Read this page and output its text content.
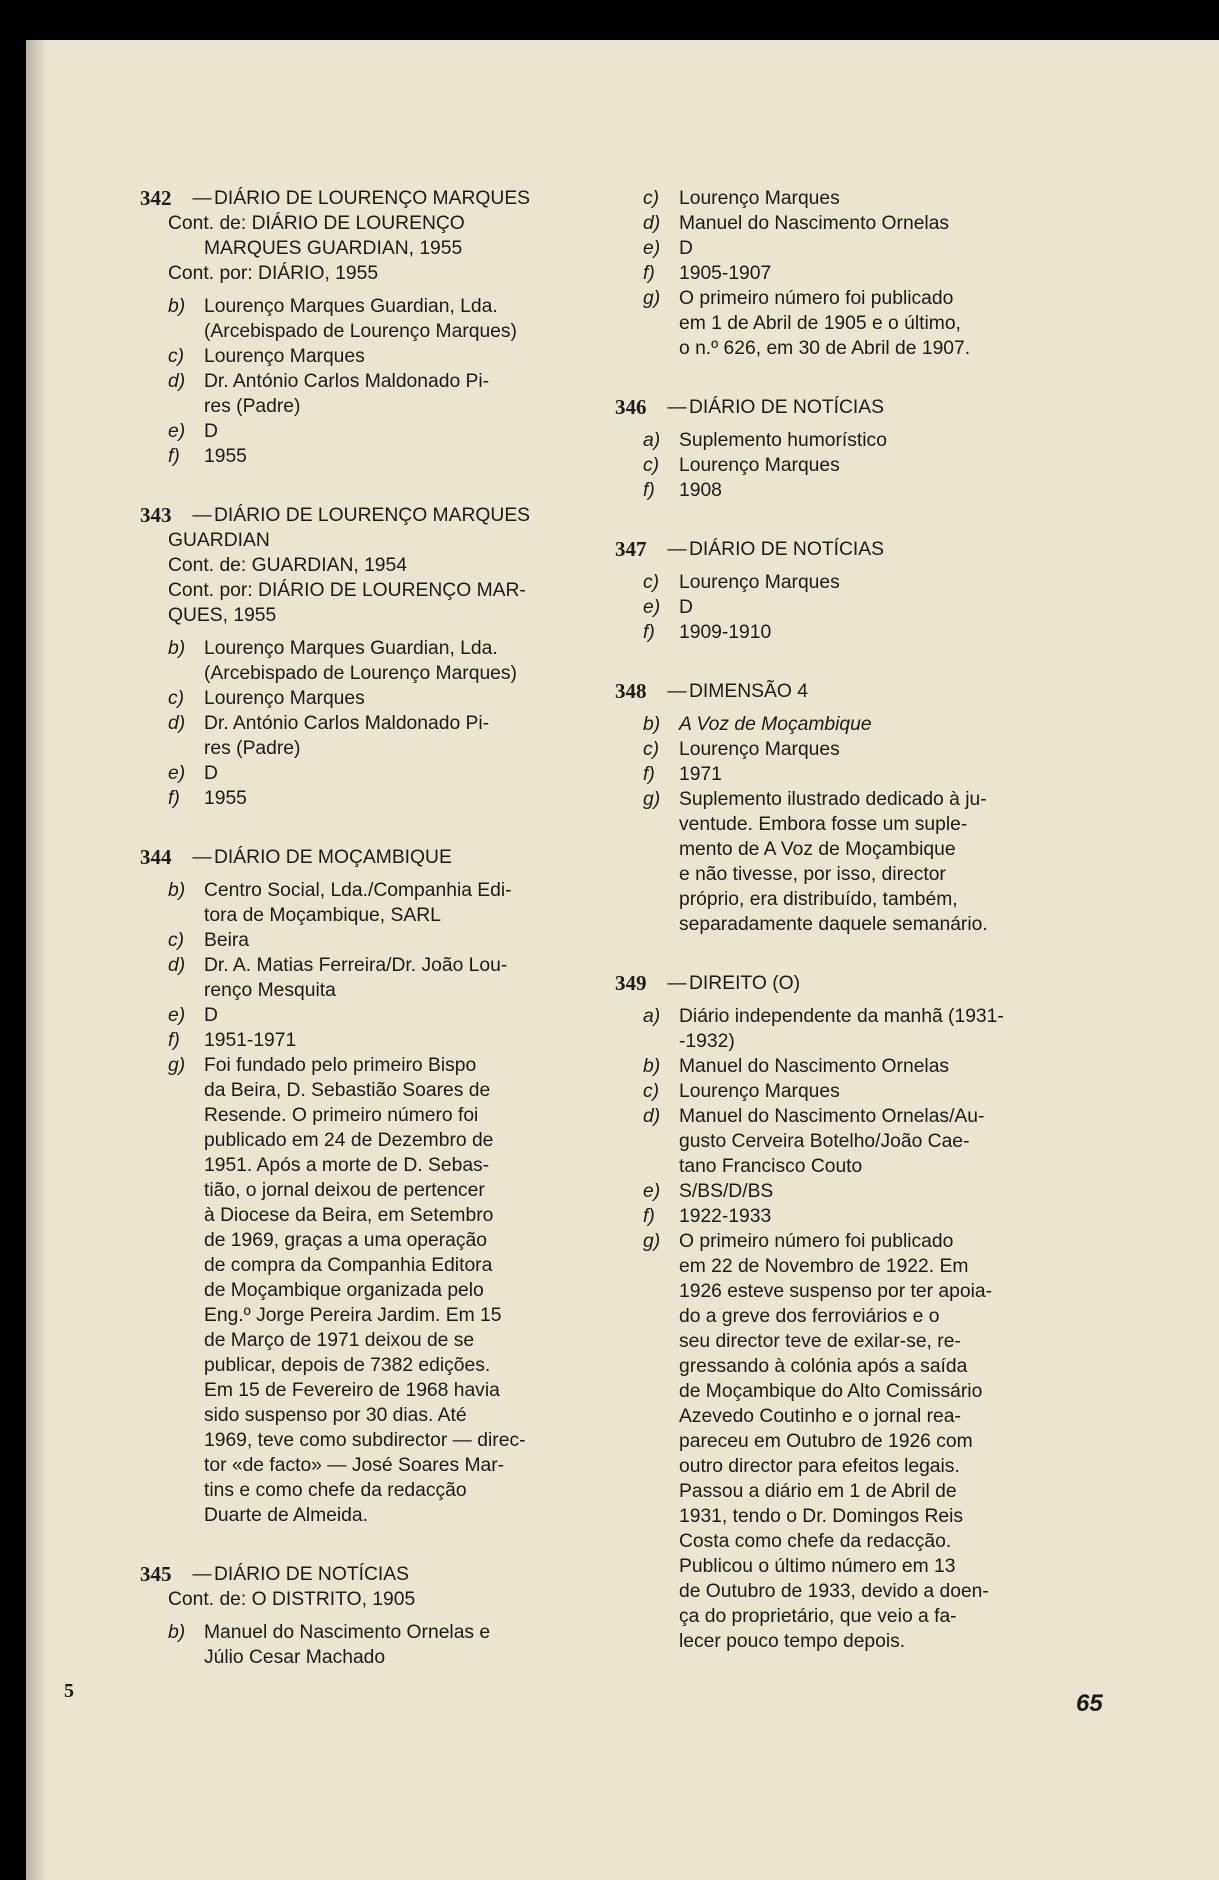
342	— DIÁRIO DE LOURENÇO MARQUES
Cont. de: DIÁRIO DE LOURENÇO
MARQUES GUARDIAN, 1955
Cont. por: DIÁRIO, 1955
b) Lourenço Marques Guardian, Lda.
(Arcebispado de Lourenço Marques)
c)	Lourenço Marques
d) Dr. António Carlos Maldonado Pi-
res (Padre)
e) D
f)	1955
343	— DIÁRIO DE LOURENÇO MARQUES
GUARDIAN
Cont. de: GUARDIAN, 1954
Cont. por: DIÁRIO DE LOURENÇO MAR-
QUES, 1955
b) Lourenço Marques Guardian, Lda.
(Arcebispado de Lourenço Marques)
c)	Lourenço Marques
d) Dr. António Carlos Maldonado Pi-
res (Padre)
e) D
f)	1955
344	— DIÁRIO DE MOÇAMBIQUE
b) Centro Social, Lda./Companhia Edi-
tora de Moçambique, SARL
c)	Beira
d) Dr. A. Matias Ferreira/Dr. João Lou-
renço Mesquita
e) D
f)	1951-1971
g) Foi fundado pelo primeiro Bispo
da Beira, D. Sebastião Soares de
Resende. O primeiro número foi
publicado em 24 de Dezembro de
1951. Após a morte de D. Sebas-
tião, o jornal deixou de pertencer
à Diocese da Beira, em Setembro
de 1969, graças a uma operação
de compra da Companhia Editora
de Moçambique organizada pelo
Eng.º Jorge Pereira Jardim. Em 15
de Março de 1971 deixou de se
publicar, depois de 7382 edições.
Em 15 de Fevereiro de 1968 havia
sido suspenso por 30 dias. Até
1969, teve como subdirector — direc-
tor «de facto» — José Soares Mar-
tins e como chefe da redacção
Duarte de Almeida.
345	— DIÁRIO DE NOTÍCIAS
Cont. de: O DISTRITO, 1905
b) Manuel do Nascimento Ornelas e
Júlio Cesar Machado
c)	Lourenço Marques
d) Manuel do Nascimento Ornelas
e) D
f)	1905-1907
g) O primeiro número foi publicado
em 1 de Abril de 1905 e o último,
o n.º 626, em 30 de Abril de 1907.
346	— DIÁRIO DE NOTÍCIAS
a) Suplemento humorístico
c)	Lourenço Marques
f)	1908
347	— DIÁRIO DE NOTÍCIAS
c)	Lourenço Marques
e) D
f)	1909-1910
348	— DIMENSÃO 4
b) A Voz de Moçambique
c)	Lourenço Marques
f)	1971
g) Suplemento ilustrado dedicado à ju-
ventude. Embora fosse um suple-
mento de A Voz de Moçambique
e não tivesse, por isso, director
próprio, era distribuído, também,
separadamente daquele semanário.
349	— DIREITO (O)
a) Diário independente da manhã (1931-
-1932)
b) Manuel do Nascimento Ornelas
c)	Lourenço Marques
d) Manuel do Nascimento Ornelas/Au-
gusto Cerveira Botelho/João Cae-
tano Francisco Couto
e) S/BS/D/BS
f)	1922-1933
g) O primeiro número foi publicado
em 22 de Novembro de 1922. Em
1926 esteve suspenso por ter apoia-
do a greve dos ferroviários e o
seu director teve de exilar-se, re-
gressando à colónia após a saída
de Moçambique do Alto Comissário
Azevedo Coutinho e o jornal rea-
pareceu em Outubro de 1926 com
outro director para efeitos legais.
Passou a diário em 1 de Abril de
1931, tendo o Dr. Domingos Reis
Costa como chefe da redacção.
Publicou o último número em 13
de Outubro de 1933, devido a doen-
ça do proprietário, que veio a fa-
lecer pouco tempo depois.
5	65
